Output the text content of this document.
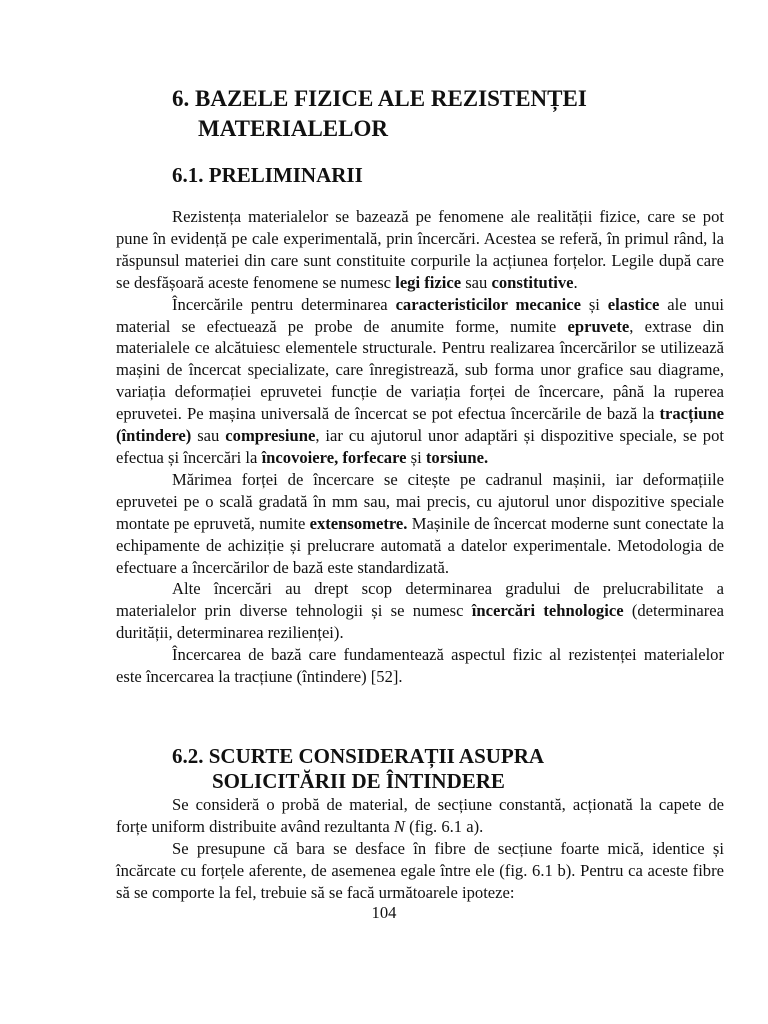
6. BAZELE FIZICE ALE REZISTENȚEI
MATERIALELOR
6.1. PRELIMINARII

Rezistența materialelor se bazează pe fenomene ale realității fizice, care se pot pune în evidență pe cale experimentală, prin încercări. Acestea se referă, în primul rând, la răspunsul materiei din care sunt constituite corpurile la acțiunea forțelor. Legile după care se desfășoară aceste fenomene se numesc legi fizice sau constitutive.

Încercările pentru determinarea caracteristicilor mecanice și elastice ale unui material se efectuează pe probe de anumite forme, numite epruvete, extrase din materialele ce alcătuiesc elementele structurale. Pentru realizarea încercărilor se utilizează mașini de încercat specializate, care înregistrează, sub forma unor grafice sau diagrame, variația deformației epruvetei funcție de variația forței de încercare, până la ruperea epruvetei. Pe mașina universală de încercat se pot efectua încercările de bază la tracțiune (întindere) sau compresiune, iar cu ajutorul unor adaptări și dispozitive speciale, se pot efectua și încercări la încovoiere, forfecare și torsiune.

Mărimea forței de încercare se citește pe cadranul mașinii, iar deformațiile epruvetei pe o scală gradată în mm sau, mai precis, cu ajutorul unor dispozitive speciale montate pe epruvetă, numite extensometre. Mașinile de încercat moderne sunt conectate la echipamente de achiziție și prelucrare automată a datelor experimentale. Metodologia de efectuare a încercărilor de bază este standardizată.

Alte încercări au drept scop determinarea gradului de prelucrabilitate a materialelor prin diverse tehnologii și se numesc încercări tehnologice (determinarea durității, determinarea rezilienței).

Încercarea de bază care fundamentează aspectul fizic al rezistenței materialelor este încercarea la tracțiune (întindere) [52].

6.2. SCURTE CONSIDERAȚII ASUPRA
SOLICITĂRII DE ÎNTINDERE

Se consideră o probă de material, de secțiune constantă, acționată la capete de forțe uniform distribuite având rezultanta N (fig. 6.1 a).

Se presupune că bara se desface în fibre de secțiune foarte mică, identice și încărcate cu forțele aferente, de asemenea egale între ele (fig. 6.1 b). Pentru ca aceste fibre să se comporte la fel, trebuie să se facă următoarele ipoteze:

104
